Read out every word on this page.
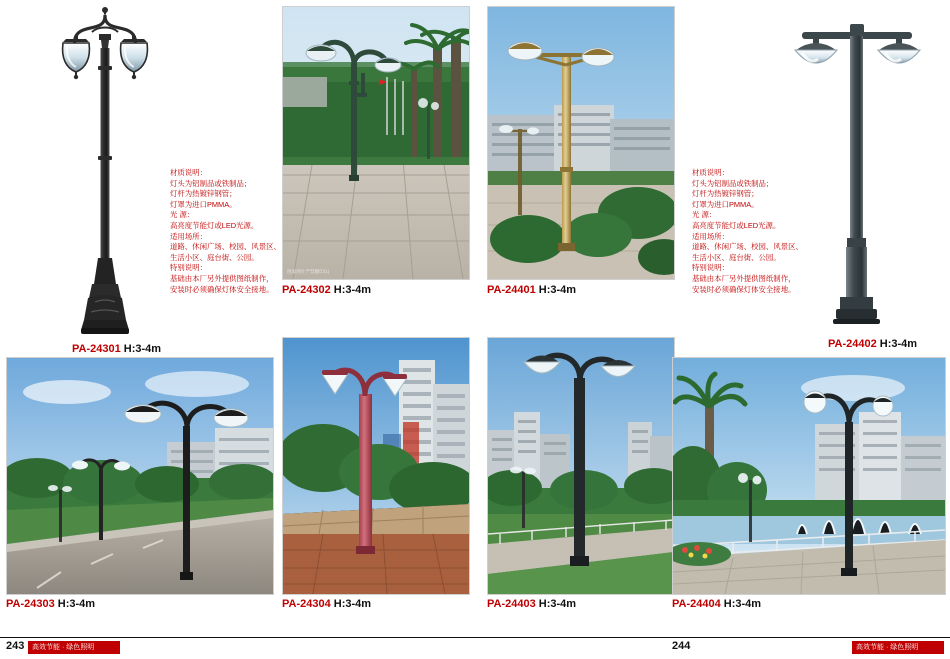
PA-24301 H:3-4m
材质说明：
灯头为铝制品或铁制品；
灯杆为热镀锌钢管；
灯罩为进口PMMA。
光 源：
高亮度节能灯或LED光源。
适用场所：
道路、休闲广场、校园、风景区、
生活小区、庭台街、公园。
特别说明：
基础由本厂另外提供图纸制作，
安装时必须确保灯体安全接地。
图案图片严禁翻印(1)
PA-24302 H:3-4m	PA-24401 H:3-4m
材质说明：
灯头为铝制品或铁制品；
灯杆为热镀锌钢管；
灯罩为进口PMMA。
光 源：
高亮度节能灯或LED光源。
适用场所：
道路、休闲广场、校园、风景区、
生活小区、庭台街、公园。
特别说明：
基础由本厂另外提供图纸制作，
安装时必须确保灯体安全接地。
PA-24402 H:3-4m
PA-24303 H:3-4m	PA-24304 H:3-4m	PA-24403 H:3-4m	PA-24404 H:3-4m
243	高效节能 · 绿色照明	244	高效节能 · 绿色照明
